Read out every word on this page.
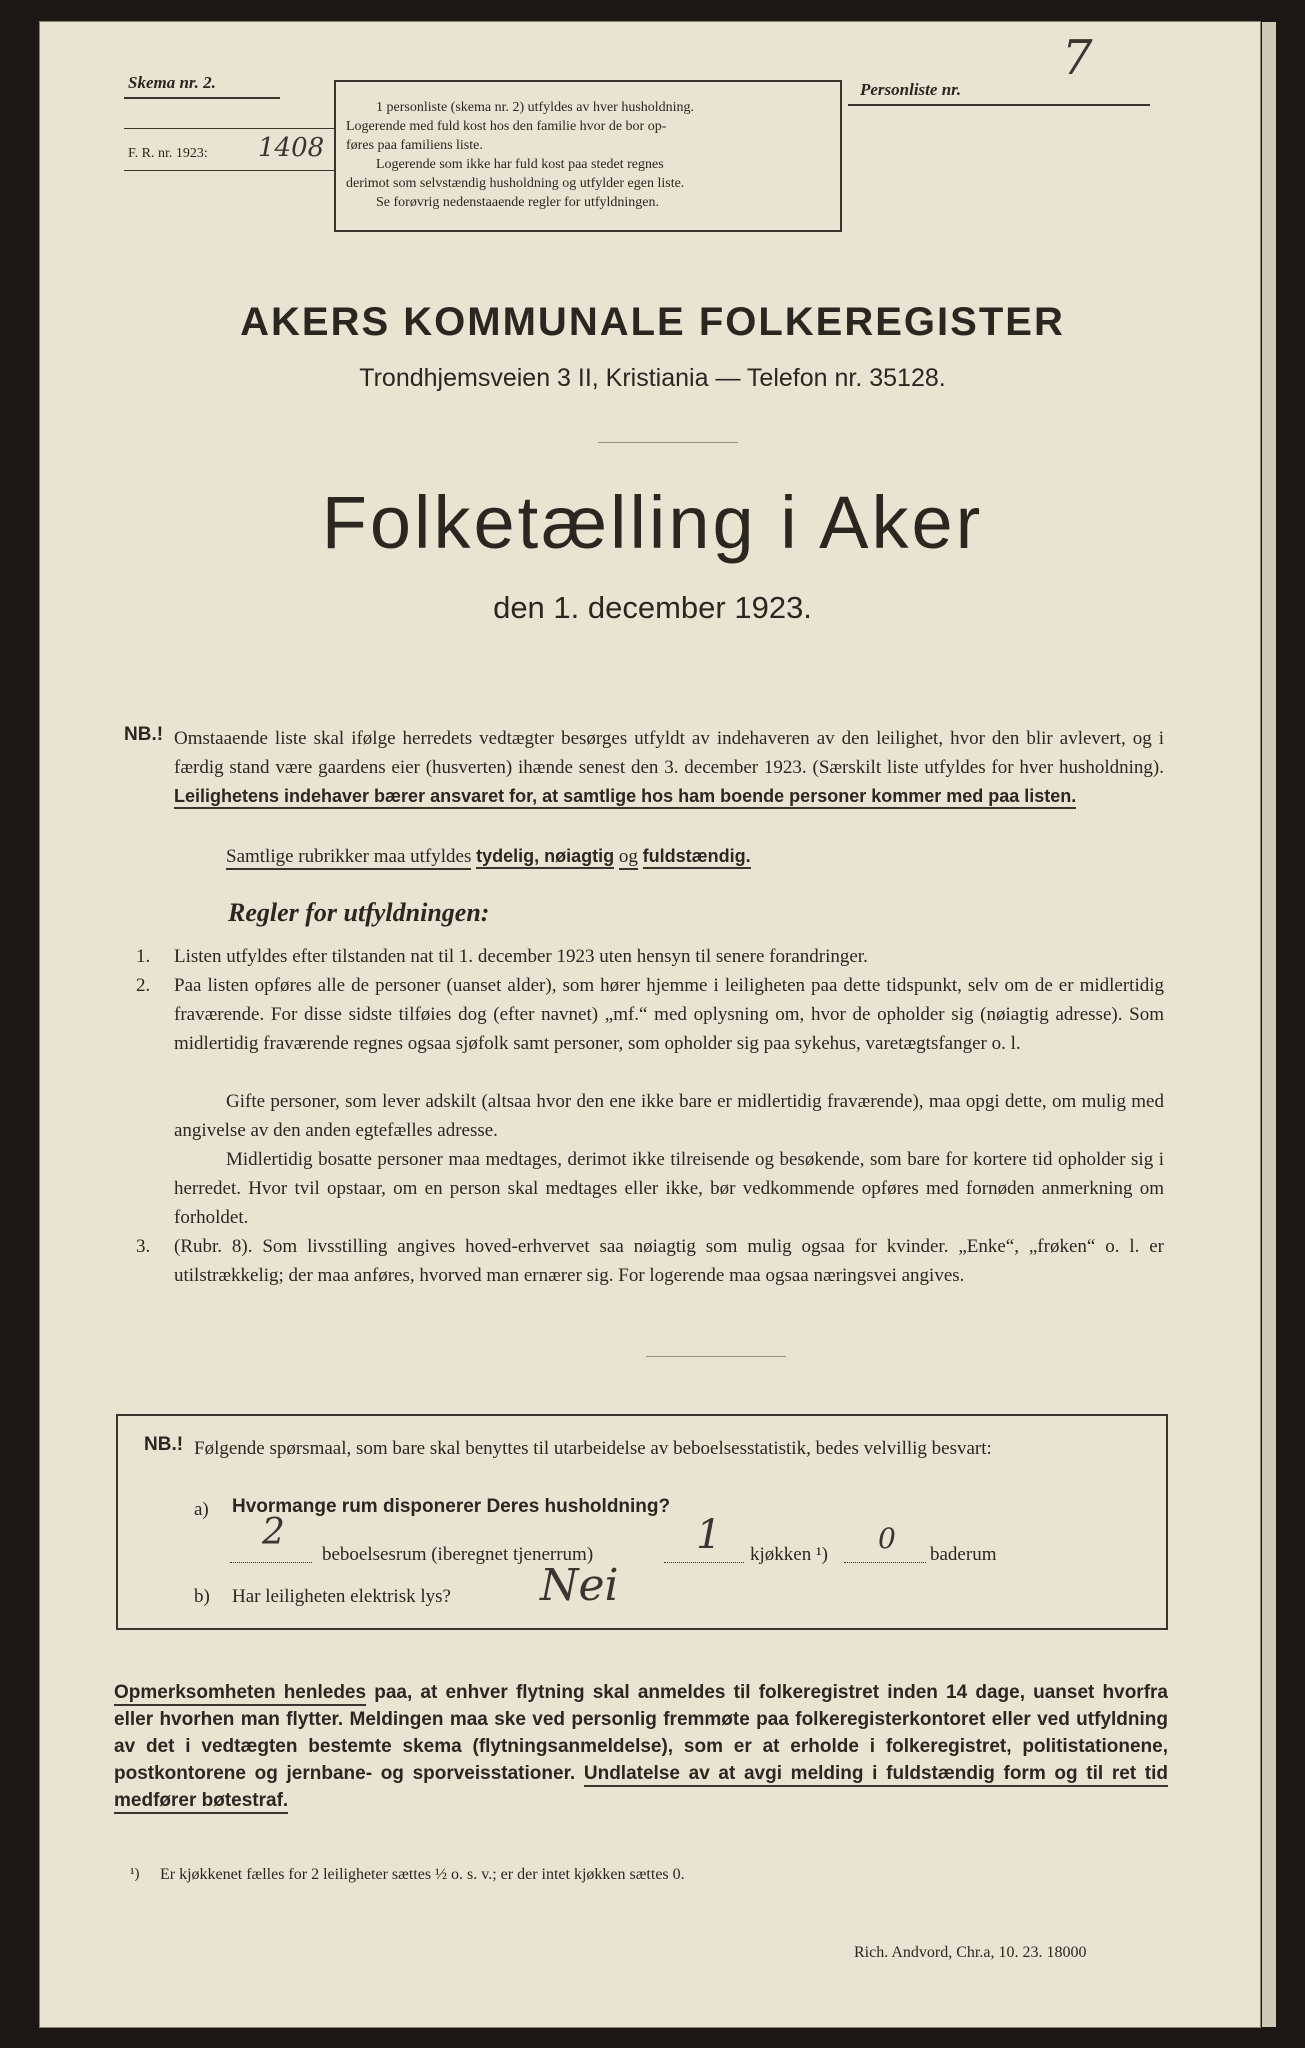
Skema nr. 2.
F. R. nr. 1923: 1408
1 personliste (skema nr. 2) utfyldes av hver husholdning.
Logerende med fuld kost hos den familie hvor de bor op-
føres paa familiens liste.
Logerende som ikke har fuld kost paa stedet regnes
derimot som selvstændig husholdning og utfylder egen liste.
Se forøvrig nedenstaaende regler for utfyldningen.
Personliste nr.
7
AKERS KOMMUNALE FOLKEREGISTER
Trondhjemsveien 3 II, Kristiania — Telefon nr. 35128.
Folketælling i Aker
den 1. december 1923.
NB.! Omstaaende liste skal ifølge herredets vedtægter besørges utfyldt av indehaveren av den leilighet, hvor den blir avlevert, og i færdig stand være gaardens eier (husverten) ihænde senest den 3. december 1923. (Særskilt liste utfyldes for hver husholdning). Leilighetens indehaver bærer ansvaret for, at samtlige hos ham boende personer kommer med paa listen.
Samtlige rubrikker maa utfyldes tydelig, nøiagtig og fuldstændig.
Regler for utfyldningen:
1. Listen utfyldes efter tilstanden nat til 1. december 1923 uten hensyn til senere forandringer.
2. Paa listen opføres alle de personer (uanset alder), som hører hjemme i leiligheten paa dette tidspunkt, selv om de er midlertidig fraværende. For disse sidste tilføies dog (efter navnet) „mf.“ med oplysning om, hvor de opholder sig (nøiagtig adresse). Som midlertidig fraværende regnes ogsaa sjøfolk samt personer, som opholder sig paa sykehus, varetægtsfanger o. l.
Gifte personer, som lever adskilt (altsaa hvor den ene ikke bare er midlertidig fraværende), maa opgi dette, om mulig med angivelse av den anden egtefælles adresse.
Midlertidig bosatte personer maa medtages, derimot ikke tilreisende og besøkende, som bare for kortere tid opholder sig i herredet. Hvor tvil opstaar, om en person skal medtages eller ikke, bør vedkommende opføres med fornøden anmerkning om forholdet.
3. (Rubr. 8). Som livsstilling angives hoved-erhvervet saa nøiagtig som mulig ogsaa for kvinder. „Enke“, „frøken“ o. l. er utilstrækkelig; der maa anføres, hvorved man ernærer sig. For logerende maa ogsaa næringsvei angives.
NB.! Følgende spørsmaal, som bare skal benyttes til utarbeidelse av beboelsesstatistik, bedes velvillig besvart:
a) Hvormange rum disponerer Deres husholdning?
2
beboelsesrum (iberegnet tjenerrum)	1 kjøkken ¹) 0 baderum
b) Har leiligheten elektrisk lys? Nei
Opmerksomheten henledes paa, at enhver flytning skal anmeldes til folkeregistret inden 14 dage, uanset hvorfra eller hvorhen man flytter. Meldingen maa ske ved personlig fremmøte paa folkeregisterkontoret eller ved utfyldning av det i vedtægten bestemte skema (flytningsanmeldelse), som er at erholde i folkeregistret, politistationene, postkontorene og jernbane- og sporveisstationer. Undlatelse av at avgi melding i fuldstændig form og til ret tid medfører bøtestraf.
¹) Er kjøkkenet fælles for 2 leiligheter sættes ½ o. s. v.; er der intet kjøkken sættes 0.
Rich. Andvord, Chr.a, 10. 23. 18000
